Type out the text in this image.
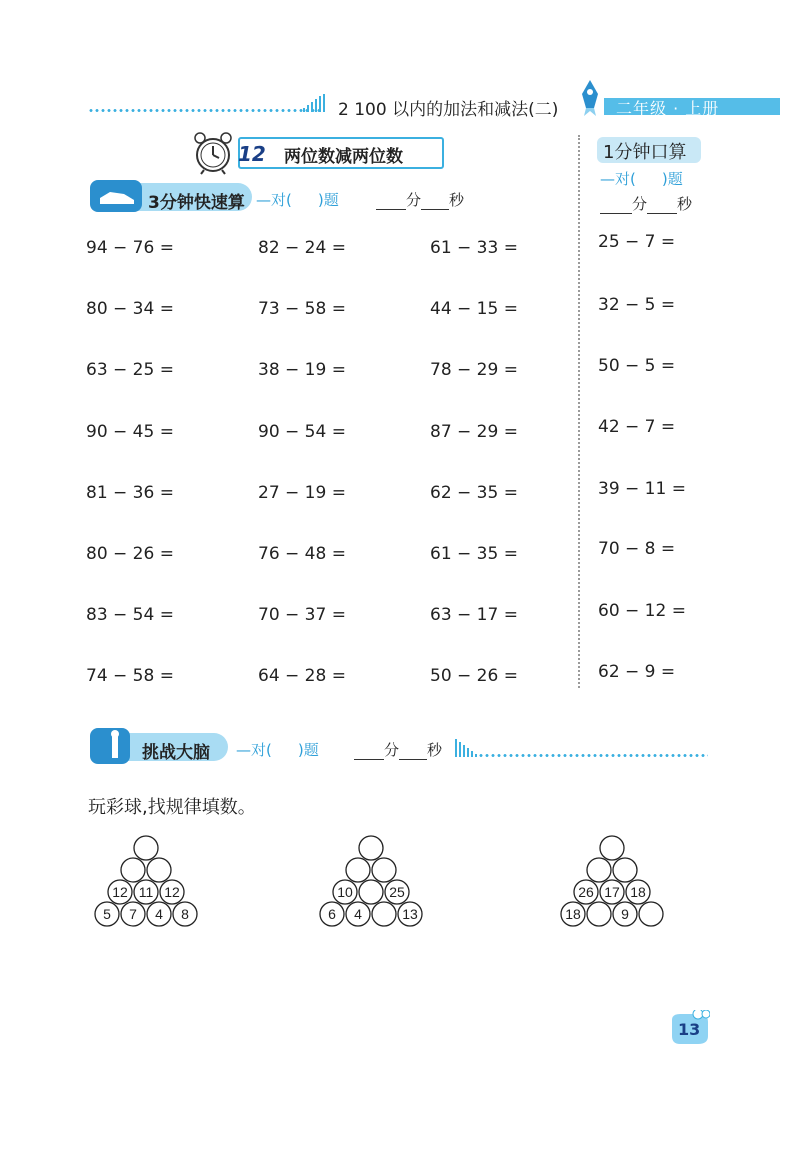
2 100 以内的加法和减法(二)	二年级 · 上册
12 两位数减两位数
3分钟快速算 —对( )题	分 秒
1分钟口算
—对( )题
分 秒
94 − 76 =	82 − 24 =	61 − 33 =
80 − 34 =	73 − 58 =	44 − 15 =
63 − 25 =	38 − 19 =	78 − 29 =
90 − 45 =	90 − 54 =	87 − 29 =
81 − 36 =	27 − 19 =	62 − 35 =
80 − 26 =	76 − 48 =	61 − 35 =
83 − 54 =	70 − 37 =	63 − 17 =
74 − 58 =	64 − 28 =	50 − 26 =
25 − 7 =
32 − 5 =
50 − 5 =
42 − 7 =
39 − 11 =
70 − 8 =
60 − 12 =
62 − 9 =
挑战大脑 —对( )题	分 秒
玩彩球,找规律填数。
12 11 12
5 7 4 8
10	25
6 4	13
26 17 18
18	9
13
